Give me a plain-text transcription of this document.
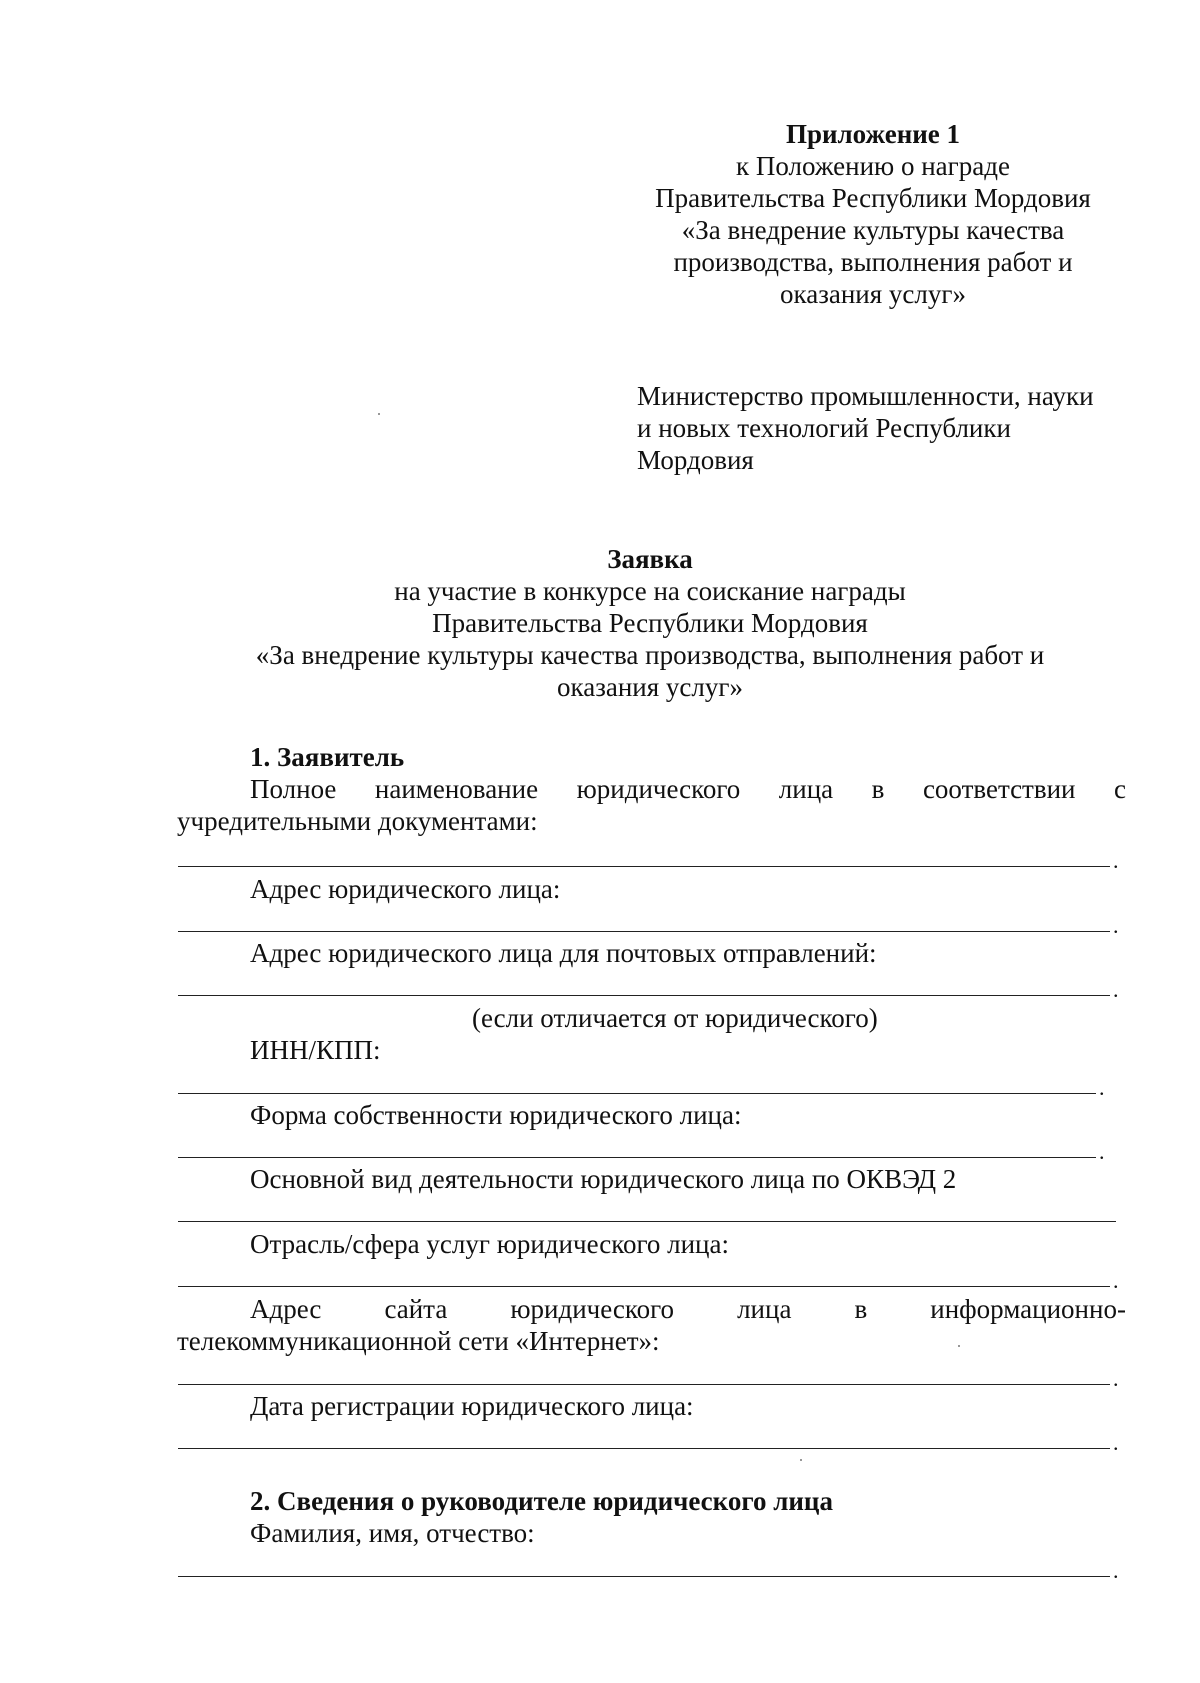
Приложение 1
к Положению о награде
Правительства Республики Мордовия
«За внедрение культуры качества
производства, выполнения работ и
оказания услуг»
Министерство промышленности, науки
и новых технологий Республики
Мордовия
Заявка
на участие в конкурсе на соискание награды
Правительства Республики Мордовия
«За внедрение культуры качества производства, выполнения работ и
оказания услуг»
1. Заявитель
Полное наименование юридического лица в соответствии с
учредительными документами:
.
Адрес юридического лица:
.
Адрес юридического лица для почтовых отправлений:
.
(если отличается от юридического)
ИНН/КПП:
.
Форма собственности юридического лица:
.
Основной вид деятельности юридического лица по ОКВЭД 2
Отрасль/сфера услуг юридического лица:
.
Адрес сайта юридического лица в информационно-
телекоммуникационной сети «Интернет»:
.
Дата регистрации юридического лица:
.
2. Сведения о руководителе юридического лица
Фамилия, имя, отчество:
.
